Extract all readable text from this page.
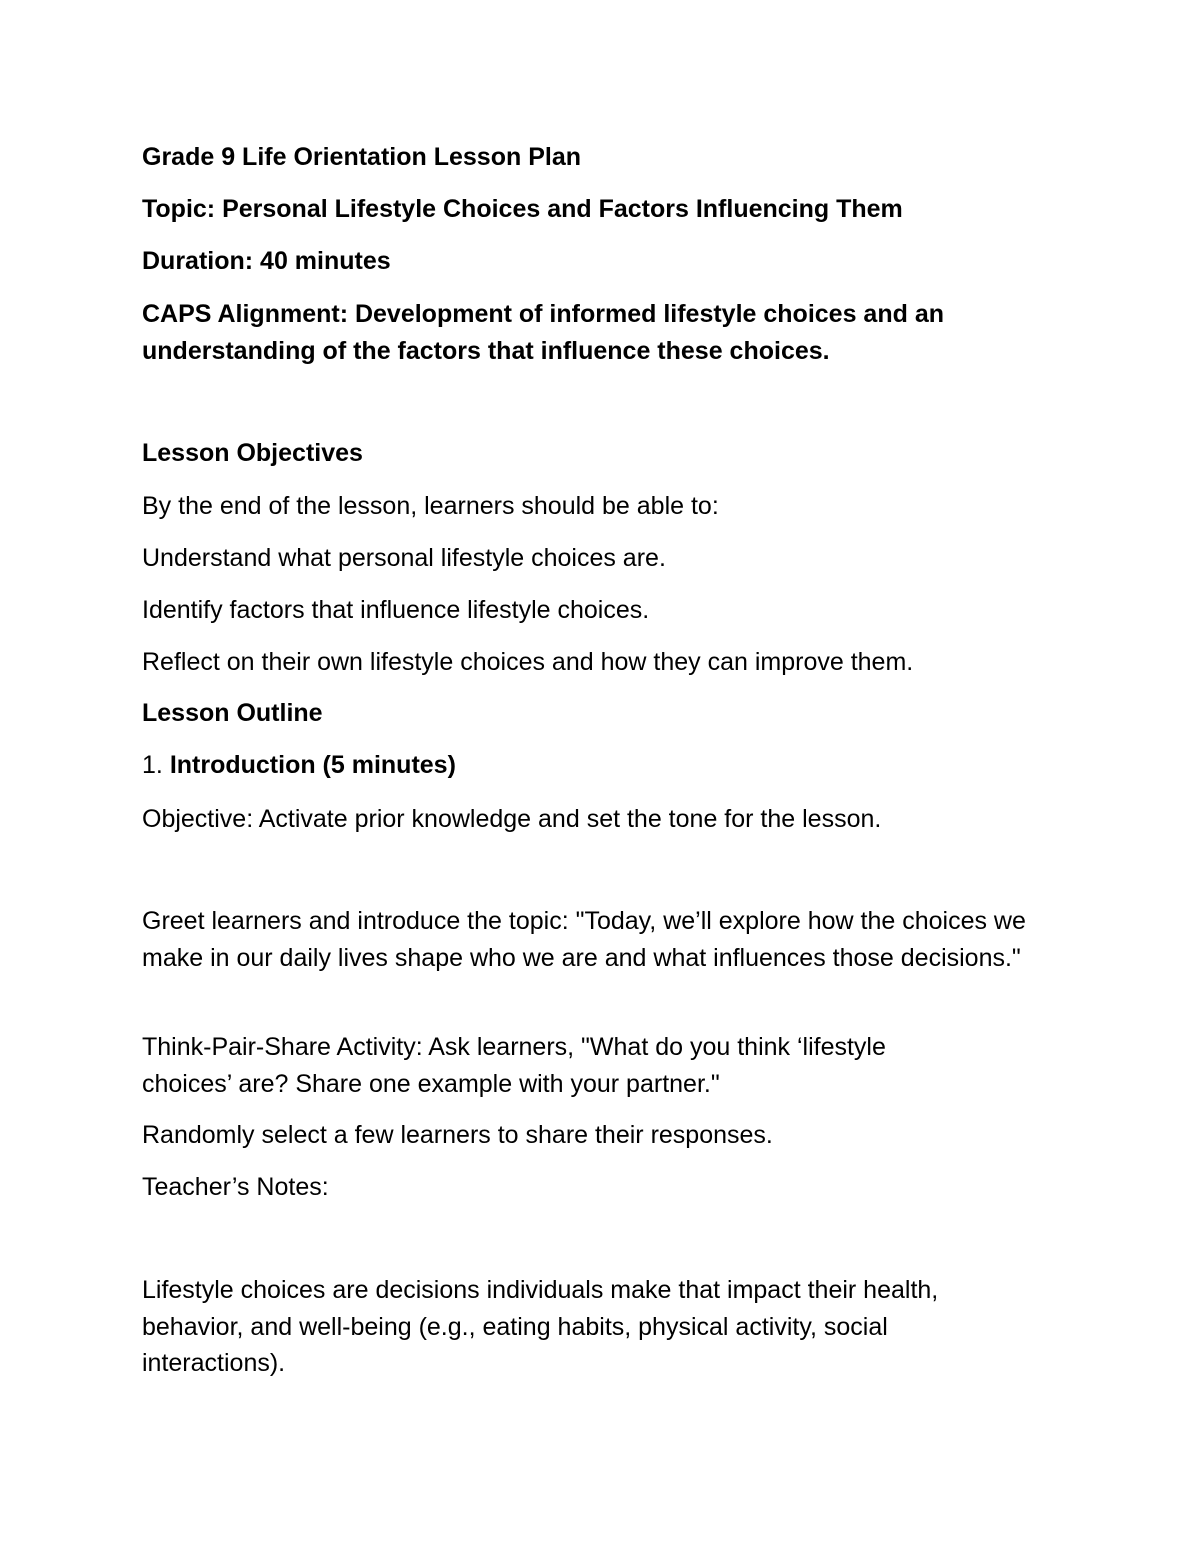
Grade 9 Life Orientation Lesson Plan

Topic: Personal Lifestyle Choices and Factors Influencing Them

Duration: 40 minutes

CAPS Alignment: Development of informed lifestyle choices and an understanding of the factors that influence these choices.

Lesson Objectives

By the end of the lesson, learners should be able to:

Understand what personal lifestyle choices are.

Identify factors that influence lifestyle choices.

Reflect on their own lifestyle choices and how they can improve them.

Lesson Outline

1. Introduction (5 minutes)

Objective: Activate prior knowledge and set the tone for the lesson.

Greet learners and introduce the topic: "Today, we’ll explore how the choices we make in our daily lives shape who we are and what influences those decisions."

Think-Pair-Share Activity: Ask learners, "What do you think ‘lifestyle choices’ are? Share one example with your partner."

Randomly select a few learners to share their responses.

Teacher’s Notes:

Lifestyle choices are decisions individuals make that impact their health, behavior, and well-being (e.g., eating habits, physical activity, social interactions).
